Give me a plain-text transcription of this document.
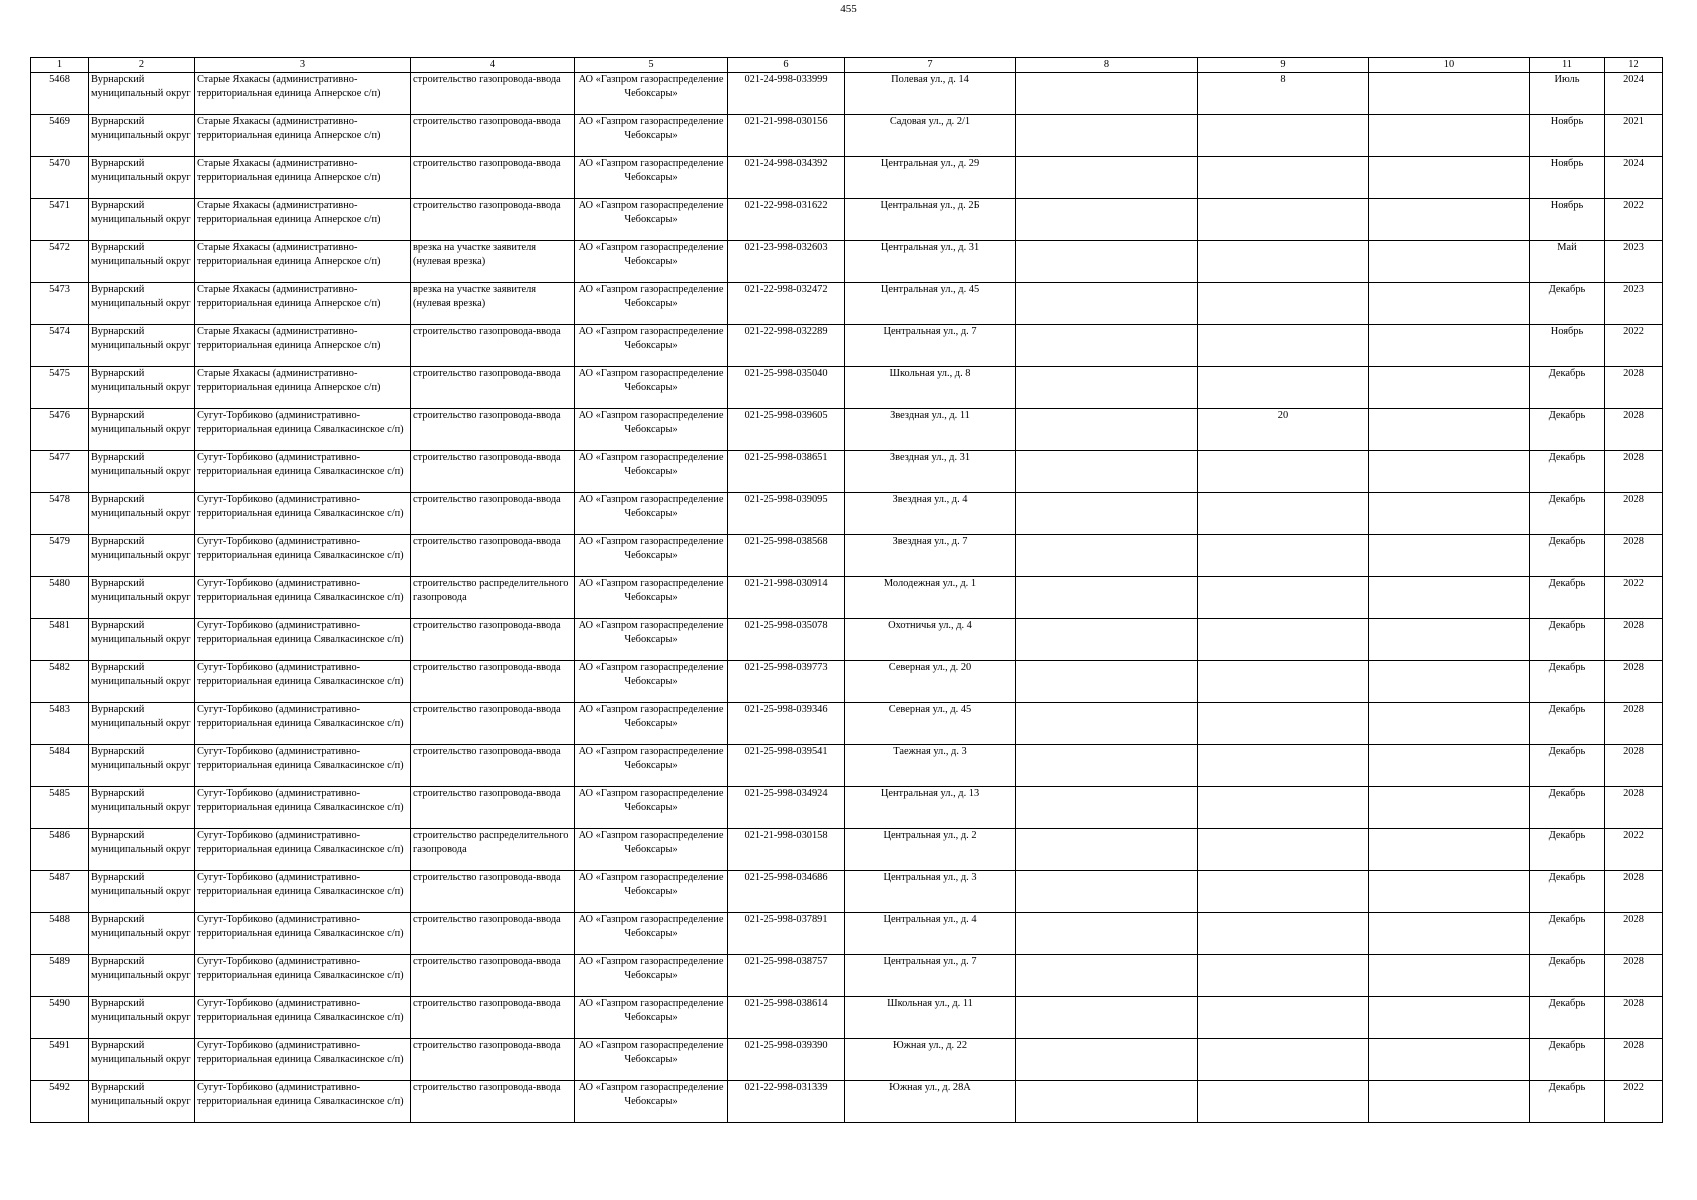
455
1	2	3	4	5	6	7	8	9	10	11	12

5468	Вурнарский муниципальный округ	Старые Яхакасы (административно-территориальная единица Апнерское с/п)	строительство газопровода-ввода	АО «Газпром газораспределение Чебоксары»	021-24-998-033999	Полевая ул., д. 14		8		Июль	2024

5469	Вурнарский муниципальный округ	Старые Яхакасы (административно-территориальная единица Апнерское с/п)	строительство газопровода-ввода	АО «Газпром газораспределение Чебоксары»	021-21-998-030156	Садовая ул., д. 2/1				Ноябрь	2021

5470	Вурнарский муниципальный округ	Старые Яхакасы (административно-территориальная единица Апнерское с/п)	строительство газопровода-ввода	АО «Газпром газораспределение Чебоксары»	021-24-998-034392	Центральная ул., д. 29				Ноябрь	2024

5471	Вурнарский муниципальный округ	Старые Яхакасы (административно-территориальная единица Апнерское с/п)	строительство газопровода-ввода	АО «Газпром газораспределение Чебоксары»	021-22-998-031622	Центральная ул., д. 2Б				Ноябрь	2022

5472	Вурнарский муниципальный округ	Старые Яхакасы (административно-территориальная единица Апнерское с/п)	врезка на участке заявителя (нулевая врезка)	АО «Газпром газораспределение Чебоксары»	021-23-998-032603	Центральная ул., д. 31				Май	2023

5473	Вурнарский муниципальный округ	Старые Яхакасы (административно-территориальная единица Апнерское с/п)	врезка на участке заявителя (нулевая врезка)	АО «Газпром газораспределение Чебоксары»	021-22-998-032472	Центральная ул., д. 45				Декабрь	2023

5474	Вурнарский муниципальный округ	Старые Яхакасы (административно-территориальная единица Апнерское с/п)	строительство газопровода-ввода	АО «Газпром газораспределение Чебоксары»	021-22-998-032289	Центральная ул., д. 7				Ноябрь	2022

5475	Вурнарский муниципальный округ	Старые Яхакасы (административно-территориальная единица Апнерское с/п)	строительство газопровода-ввода	АО «Газпром газораспределение Чебоксары»	021-25-998-035040	Школьная ул., д. 8				Декабрь	2028

5476	Вурнарский муниципальный округ	Сугут-Торбиково (административно-территориальная единица Сявалкасинское с/п)	строительство газопровода-ввода	АО «Газпром газораспределение Чебоксары»	021-25-998-039605	Звездная ул., д. 11		20		Декабрь	2028

5477	Вурнарский муниципальный округ	Сугут-Торбиково (административно-территориальная единица Сявалкасинское с/п)	строительство газопровода-ввода	АО «Газпром газораспределение Чебоксары»	021-25-998-038651	Звездная ул., д. 31				Декабрь	2028

5478	Вурнарский муниципальный округ	Сугут-Торбиково (административно-территориальная единица Сявалкасинское с/п)	строительство газопровода-ввода	АО «Газпром газораспределение Чебоксары»	021-25-998-039095	Звездная ул., д. 4				Декабрь	2028

5479	Вурнарский муниципальный округ	Сугут-Торбиково (административно-территориальная единица Сявалкасинское с/п)	строительство газопровода-ввода	АО «Газпром газораспределение Чебоксары»	021-25-998-038568	Звездная ул., д. 7				Декабрь	2028

5480	Вурнарский муниципальный округ	Сугут-Торбиково (административно-территориальная единица Сявалкасинское с/п)	строительство распределительного газопровода	АО «Газпром газораспределение Чебоксары»	021-21-998-030914	Молодежная ул., д. 1				Декабрь	2022

5481	Вурнарский муниципальный округ	Сугут-Торбиково (административно-территориальная единица Сявалкасинское с/п)	строительство газопровода-ввода	АО «Газпром газораспределение Чебоксары»	021-25-998-035078	Охотничья ул., д. 4				Декабрь	2028

5482	Вурнарский муниципальный округ	Сугут-Торбиково (административно-территориальная единица Сявалкасинское с/п)	строительство газопровода-ввода	АО «Газпром газораспределение Чебоксары»	021-25-998-039773	Северная ул., д. 20				Декабрь	2028

5483	Вурнарский муниципальный округ	Сугут-Торбиково (административно-территориальная единица Сявалкасинское с/п)	строительство газопровода-ввода	АО «Газпром газораспределение Чебоксары»	021-25-998-039346	Северная ул., д. 45				Декабрь	2028

5484	Вурнарский муниципальный округ	Сугут-Торбиково (административно-территориальная единица Сявалкасинское с/п)	строительство газопровода-ввода	АО «Газпром газораспределение Чебоксары»	021-25-998-039541	Таежная ул., д. 3				Декабрь	2028

5485	Вурнарский муниципальный округ	Сугут-Торбиково (административно-территориальная единица Сявалкасинское с/п)	строительство газопровода-ввода	АО «Газпром газораспределение Чебоксары»	021-25-998-034924	Центральная ул., д. 13				Декабрь	2028

5486	Вурнарский муниципальный округ	Сугут-Торбиково (административно-территориальная единица Сявалкасинское с/п)	строительство распределительного газопровода	АО «Газпром газораспределение Чебоксары»	021-21-998-030158	Центральная ул., д. 2				Декабрь	2022

5487	Вурнарский муниципальный округ	Сугут-Торбиково (административно-территориальная единица Сявалкасинское с/п)	строительство газопровода-ввода	АО «Газпром газораспределение Чебоксары»	021-25-998-034686	Центральная ул., д. 3				Декабрь	2028

5488	Вурнарский муниципальный округ	Сугут-Торбиково (административно-территориальная единица Сявалкасинское с/п)	строительство газопровода-ввода	АО «Газпром газораспределение Чебоксары»	021-25-998-037891	Центральная ул., д. 4				Декабрь	2028

5489	Вурнарский муниципальный округ	Сугут-Торбиково (административно-территориальная единица Сявалкасинское с/п)	строительство газопровода-ввода	АО «Газпром газораспределение Чебоксары»	021-25-998-038757	Центральная ул., д. 7				Декабрь	2028

5490	Вурнарский муниципальный округ	Сугут-Торбиково (административно-территориальная единица Сявалкасинское с/п)	строительство газопровода-ввода	АО «Газпром газораспределение Чебоксары»	021-25-998-038614	Школьная ул., д. 11				Декабрь	2028

5491	Вурнарский муниципальный округ	Сугут-Торбиково (административно-территориальная единица Сявалкасинское с/п)	строительство газопровода-ввода	АО «Газпром газораспределение Чебоксары»	021-25-998-039390	Южная ул., д. 22				Декабрь	2028

5492	Вурнарский муниципальный округ	Сугут-Торбиково (административно-территориальная единица Сявалкасинское с/п)	строительство газопровода-ввода	АО «Газпром газораспределение Чебоксары»	021-22-998-031339	Южная ул., д. 28А				Декабрь	2022
